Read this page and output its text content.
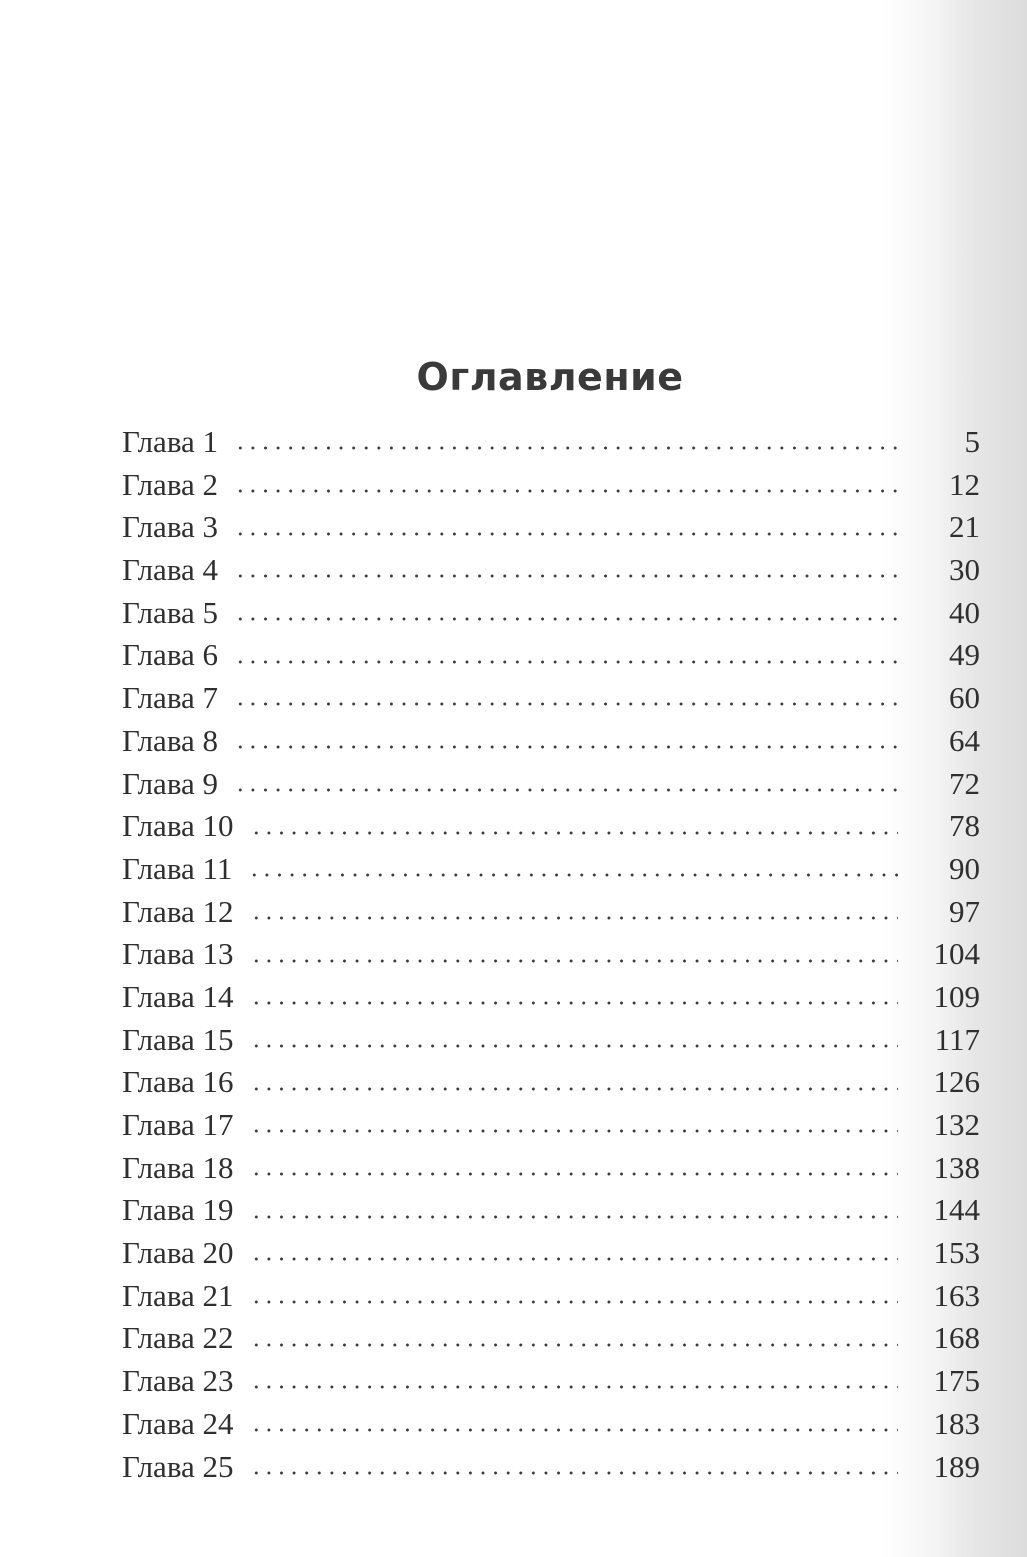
Оглавление
Глава 1	5
Глава 2	12
Глава 3	21
Глава 4	30
Глава 5	40
Глава 6	49
Глава 7	60
Глава 8	64
Глава 9	72
Глава 10	78
Глава 11	90
Глава 12	97
Глава 13	104
Глава 14	109
Глава 15	117
Глава 16	126
Глава 17	132
Глава 18	138
Глава 19	144
Глава 20	153
Глава 21	163
Глава 22	168
Глава 23	175
Глава 24	183
Глава 25	189
